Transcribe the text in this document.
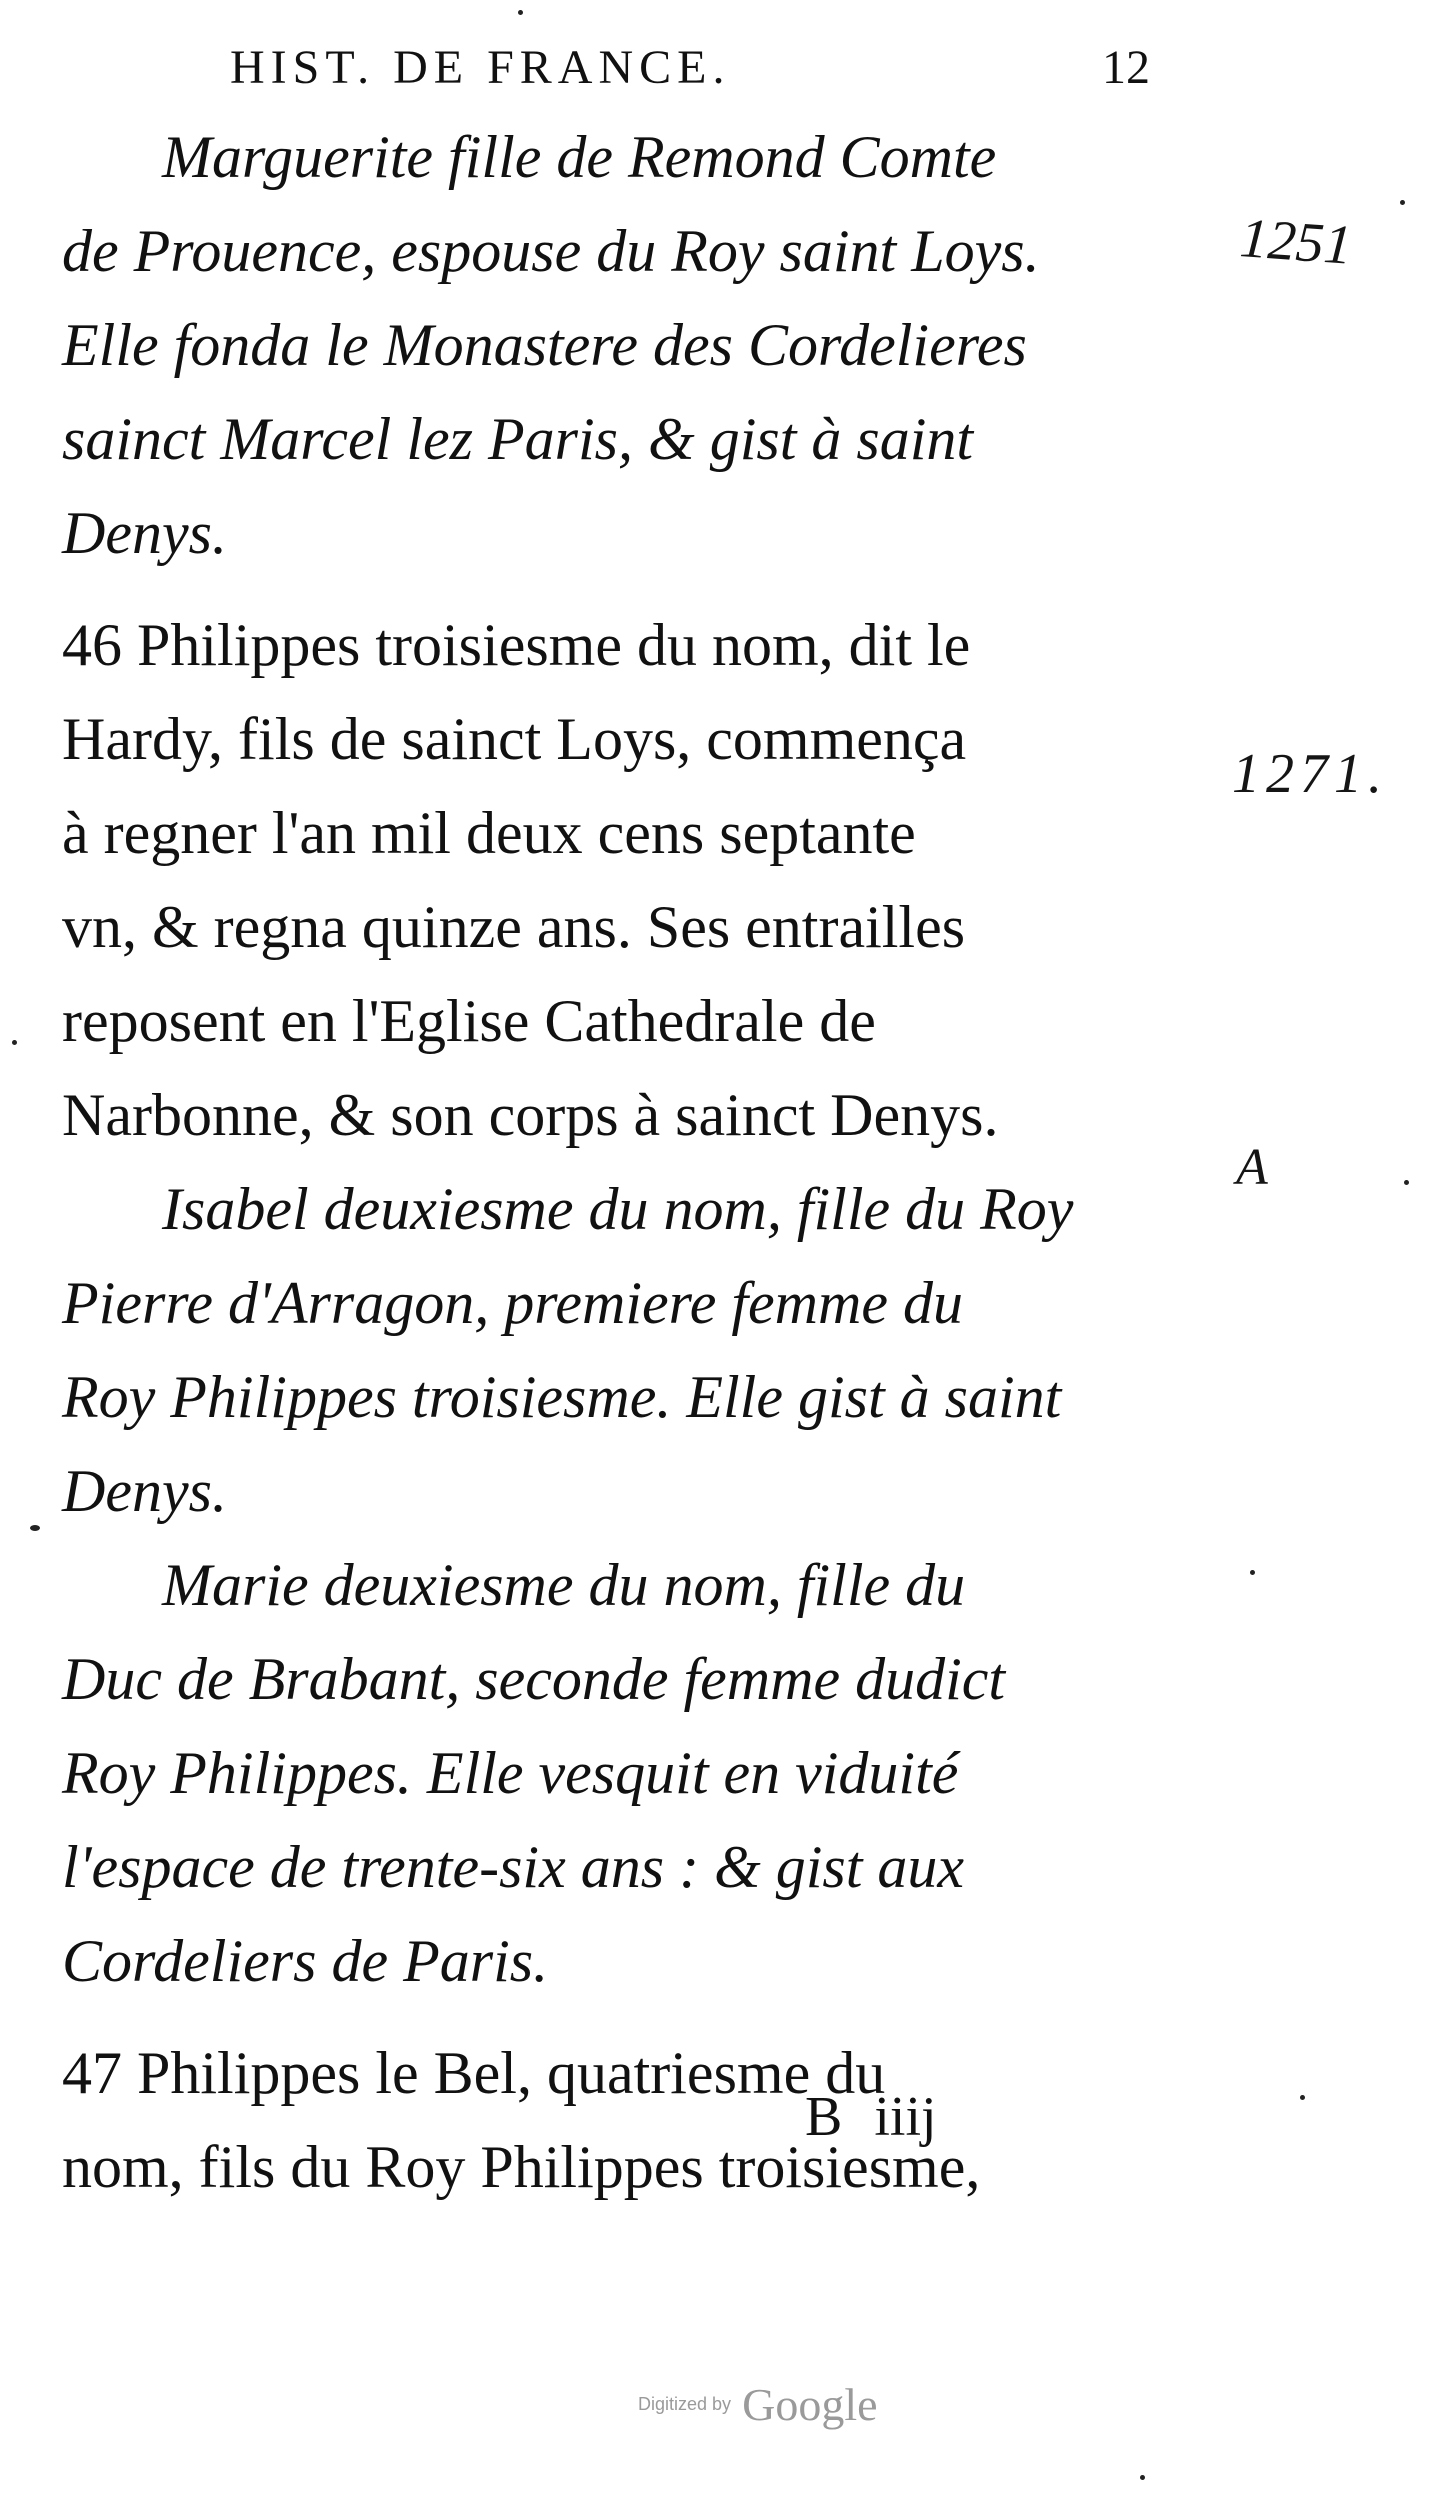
HIST. DE FRANCE.	12
Marguerite fille de Remond Comte
de Prouence, espouse du Roy saint Loys.
Elle fonda le Monastere des Cordelieres
sainct Marcel lez Paris, & gist à saint
Denys.
46 Philippes troisiesme du nom, dit le
Hardy, fils de sainct Loys, commença
à regner l'an mil deux cens septante
vn, & regna quinze ans. Ses entrailles
reposent en l'Eglise Cathedrale de
Narbonne, & son corps à sainct Denys.
Isabel deuxiesme du nom, fille du Roy
Pierre d'Arragon, premiere femme du
Roy Philippes troisiesme. Elle gist à saint
Denys.
Marie deuxiesme du nom, fille du
Duc de Brabant, seconde femme dudict
Roy Philippes. Elle vesquit en viduité
l'espace de trente-six ans : & gist aux
Cordeliers de Paris.
47 Philippes le Bel, quatriesme du
nom, fils du Roy Philippes troisiesme,
B iiij
1251
1271.
A
Digitized by Google
